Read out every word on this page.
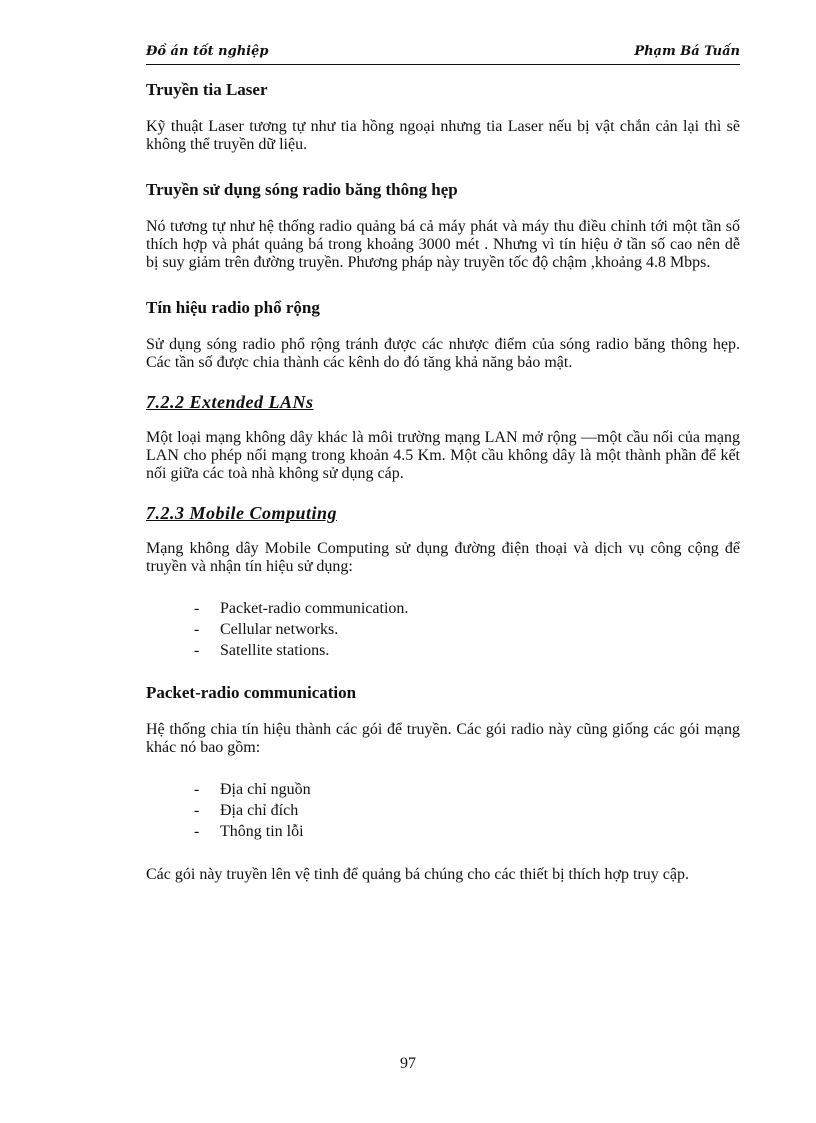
Đồ án tốt nghiệp	Phạm Bá Tuấn
Truyền tia Laser

Kỹ thuật Laser tương tự như tia hồng ngoại nhưng tia Laser nếu bị vật chắn cản lại thì sẽ không thể truyền dữ liệu.

Truyền sử dụng sóng radio băng thông hẹp

Nó tương tự như hệ thống radio quảng bá cả máy phát và máy thu điều chỉnh tới một tần số thích hợp và phát quảng bá trong khoảng 3000 mét . Nhưng vì tín hiệu ở tần số cao nên dễ bị suy giảm trên đường truyền. Phương pháp này truyền tốc độ chậm ,khoảng 4.8 Mbps.

Tín hiệu radio phổ rộng

Sử dụng sóng radio phổ rộng tránh được các nhược điểm của sóng radio băng thông hẹp. Các tần số được chia thành các kênh do đó tăng khả năng bảo mật.

7.2.2 Extended LANs

Một loại mạng không dây khác là môi trường mạng LAN mở rộng —một cầu nối của mạng LAN cho phép nối mạng trong khoản 4.5 Km. Một cầu không dây là một thành phần để kết nối giữa các toà nhà không sử dụng cáp.

7.2.3 Mobile Computing

Mạng không dây Mobile Computing sử dụng đường điện thoại và dịch vụ công cộng để truyền và nhận tín hiệu sử dụng:

- Packet-radio communication.
- Cellular networks.
- Satellite stations.
Packet-radio communication

Hệ thống chia tín hiệu thành các gói để truyền. Các gói radio này cũng giống các gói mạng khác nó bao gồm:

- Địa chỉ nguồn
- Địa chỉ đích
- Thông tin lỗi

Các gói này truyền lên vệ tinh để quảng bá chúng cho các thiết bị thích hợp truy cập.

97
